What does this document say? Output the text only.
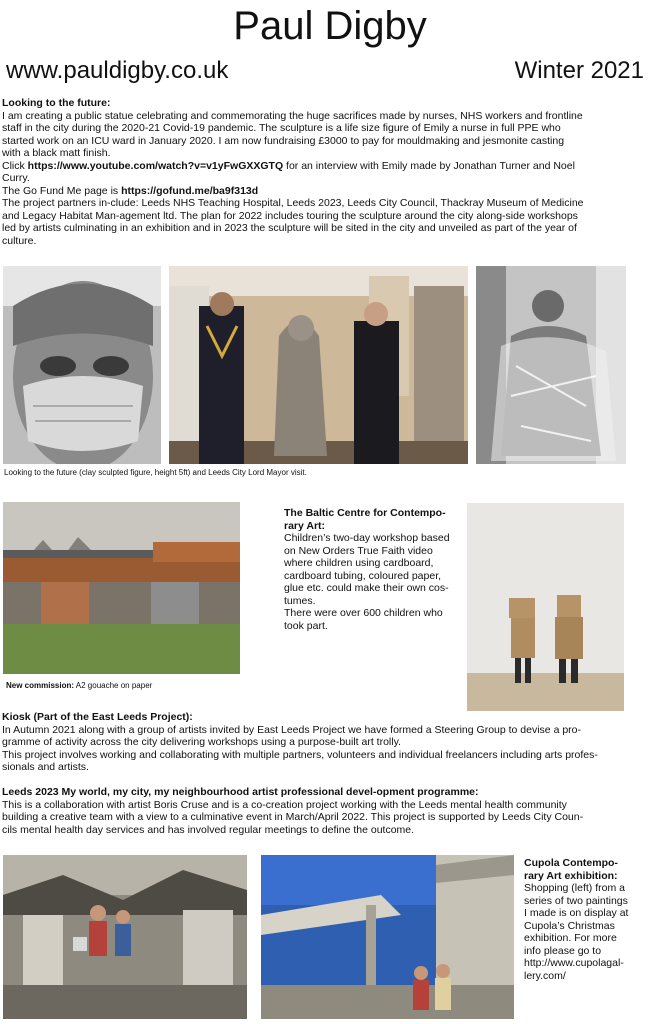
Paul Digby
www.pauldigby.co.uk	Winter 2021
Looking to the future:
I am creating a public statue celebrating and commemorating the huge sacrifices made by nurses, NHS workers and frontline
staff in the city during the 2020-21 Covid-19 pandemic. The sculpture is a life size figure of Emily a nurse in full PPE who
started work on an ICU ward in January 2020. I am now fundraising £3000 to pay for mouldmaking and jesmonite casting
with a black matt finish.
Click https://www.youtube.com/watch?v=v1yFwGXXGTQ for an interview with Emily made by Jonathan Turner and Noel
Curry.
The Go Fund Me page is https://gofund.me/ba9f313d
The project partners in-clude: Leeds NHS Teaching Hospital, Leeds 2023, Leeds City Council, Thackray Museum of Medicine
and Legacy Habitat Man-agement ltd. The plan for 2022 includes touring the sculpture around the city along-side workshops
led by artists culminating in an exhibition and in 2023 the sculpture will be sited in the city and unveiled as part of the year of
culture.
Looking to the future (clay sculpted figure, height 5ft) and Leeds City Lord Mayor visit.
New commission: A2 gouache on paper
The Baltic Centre for Contempo-
rary Art:
Children’s two-day workshop based
on New Orders True Faith video
where children using cardboard,
cardboard tubing, coloured paper,
glue etc. could make their own cos-
tumes.
There were over 600 children who
took part.
Kiosk (Part of the East Leeds Project):
In Autumn 2021 along with a group of artists invited by East Leeds Project we have formed a Steering Group to devise a pro-
gramme of activity across the city delivering workshops using a purpose-built art trolly.
This project involves working and collaborating with multiple partners, volunteers and individual freelancers including arts profes-
sionals and artists.
Leeds 2023 My world, my city, my neighbourhood artist professional devel-opment programme:
This is a collaboration with artist Boris Cruse and is a co-creation project working with the Leeds mental health community
building a creative team with a view to a culminative event in March/April 2022. This project is supported by Leeds City Coun-
cils mental health day services and has involved regular meetings to define the outcome.
Cupola Contempo-
rary Art exhibition:
Shopping (left) from a
series of two paintings
I made is on display at
Cupola’s Christmas
exhibition. For more
info please go to
http://www.cupolagal-
lery.com/
